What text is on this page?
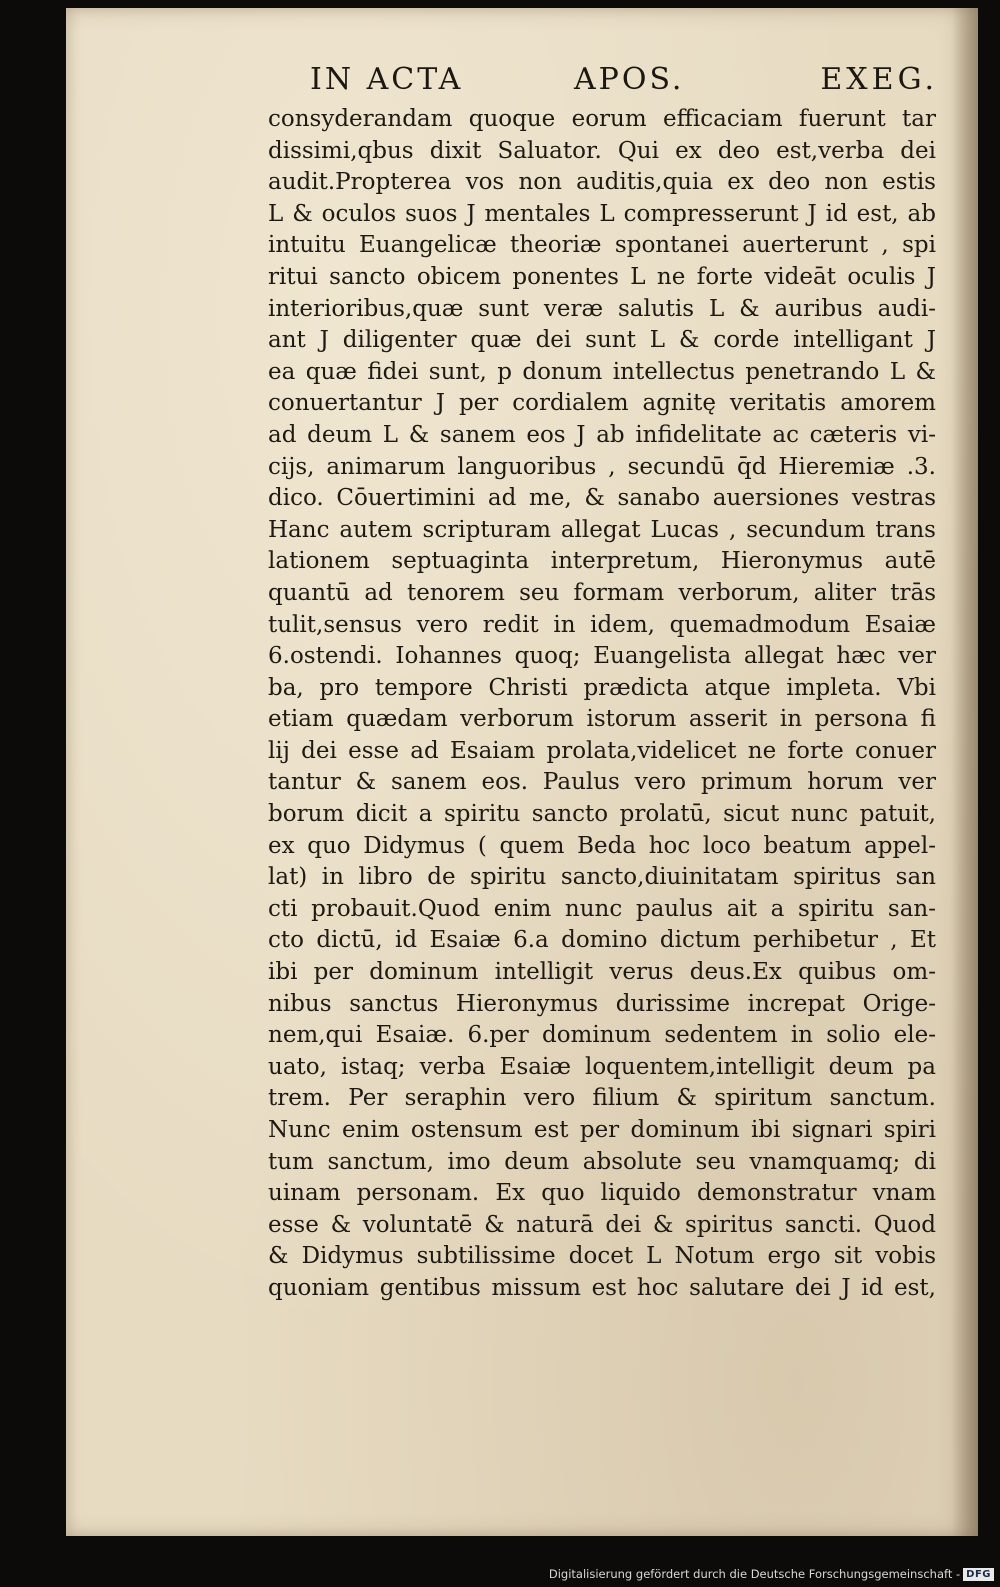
IN ACTA	APOS.	EXEG.
consyderandam quoque eorum efficaciam fuerunt tar
dissimi,qbus dixit Saluator. Qui ex deo est,verba dei
audit.Propterea vos non auditis,quia ex deo non estis
L & oculos suos J mentales L compresserunt J id est, ab
intuitu Euangelicæ theoriæ spontanei auerterunt , spi
ritui sancto obicem ponentes L ne forte videāt oculis J
interioribus,quæ sunt veræ salutis L & auribus audi-
ant J diligenter quæ dei sunt L & corde intelligant J
ea quæ fidei sunt, p donum intellectus penetrando L &
conuertantur J per cordialem agnitę veritatis amorem
ad deum L & sanem eos J ab infidelitate ac cæteris vi-
cijs, animarum languoribus , secundū q̄d Hieremiæ .3.
dico. Cōuertimini ad me, & sanabo auersiones vestras
Hanc autem scripturam allegat Lucas , secundum trans
lationem septuaginta interpretum, Hieronymus autē
quantū ad tenorem seu formam verborum, aliter trās
tulit,sensus vero redit in idem, quemadmodum Esaiæ
6.ostendi. Iohannes quoq; Euangelista allegat hæc ver
ba, pro tempore Christi prædicta atque impleta. Vbi
etiam quædam verborum istorum asserit in persona fi
lij dei esse ad Esaiam prolata,videlicet ne forte conuer
tantur & sanem eos. Paulus vero primum horum ver
borum dicit a spiritu sancto prolatū, sicut nunc patuit,
ex quo Didymus ( quem Beda hoc loco beatum appel-
lat) in libro de spiritu sancto,diuinitatam spiritus san
cti probauit.Quod enim nunc paulus ait a spiritu san-
cto dictū, id Esaiæ 6.a domino dictum perhibetur , Et
ibi per dominum intelligit verus deus.Ex quibus om-
nibus sanctus Hieronymus durissime increpat Orige-
nem,qui Esaiæ. 6.per dominum sedentem in solio ele-
uato, istaq; verba Esaiæ loquentem,intelligit deum pa
trem. Per seraphin vero filium & spiritum sanctum.
Nunc enim ostensum est per dominum ibi signari spiri
tum sanctum, imo deum absolute seu vnamquamq; di
uinam personam. Ex quo liquido demonstratur vnam
esse & voluntatē & naturā dei & spiritus sancti. Quod
& Didymus subtilissime docet L Notum ergo sit vobis
quoniam gentibus missum est hoc salutare dei J id est,
Digitalisierung gefördert durch die Deutsche Forschungsgemeinschaft - DFG
